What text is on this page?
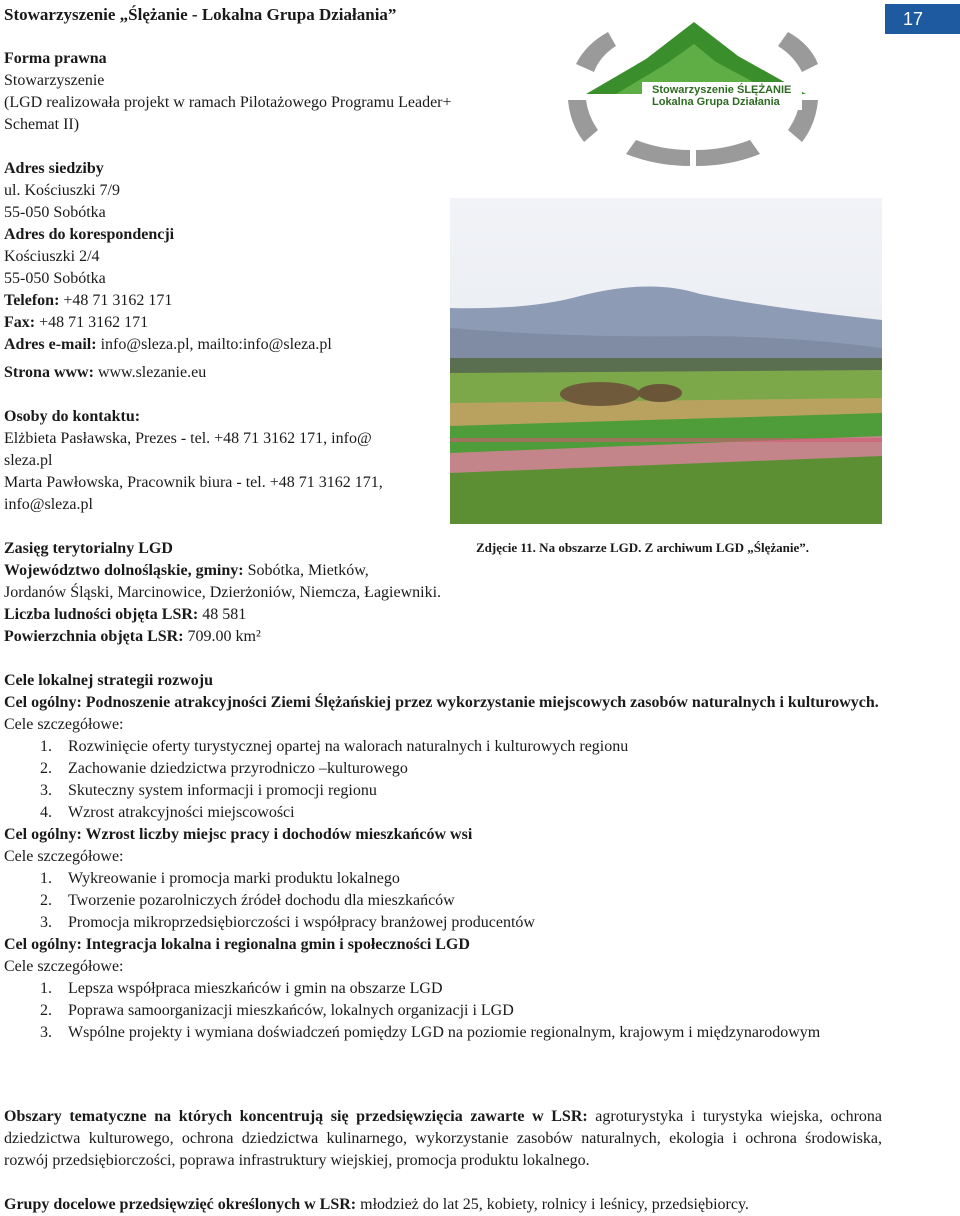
Stowarzyszenie „Ślężanie - Lokalna Grupa Działania”	17
Stowarzyszenie ŚLĘŻANIE
Lokalna Grupa Działania
Zdjęcie 11. Na obszarze LGD. Z archiwum LGD „Ślężanie”.

Forma prawna

Stowarzyszenie

(LGD realizowała projekt w ramach Pilotażowego Programu Leader+

Schemat II)

Adres siedziby

ul. Kościuszki 7/9

55-050 Sobótka

Adres do korespondencji

Kościuszki 2/4

55-050 Sobótka

Telefon: +48 71 3162 171

Fax: +48 71 3162 171

Adres e-mail: info@sleza.pl, mailto:info@sleza.pl

Strona www: www.slezanie.eu

Osoby do kontaktu:

Elżbieta Pasławska, Prezes - tel. +48 71 3162 171, info@

sleza.pl

Marta Pawłowska, Pracownik biura - tel. +48 71 3162 171,

info@sleza.pl

Zasięg terytorialny LGD

Województwo dolnośląskie, gminy: Sobótka, Mietków,

Jordanów Śląski, Marcinowice, Dzierżoniów, Niemcza, Łagiewniki.

Liczba ludności objęta LSR: 48 581

Powierzchnia objęta LSR: 709.00 km²

Cele lokalnej strategii rozwoju

Cel ogólny: Podnoszenie atrakcyjności Ziemi Ślężańskiej przez wykorzystanie miejscowych zasobów naturalnych i kulturowych.

Cele szczegółowe:

1. Rozwinięcie oferty turystycznej opartej na walorach naturalnych i kulturowych regionu
2. Zachowanie dziedzictwa przyrodniczo –kulturowego
3. Skuteczny system informacji i promocji regionu
4. Wzrost atrakcyjności miejscowości

Cel ogólny: Wzrost liczby miejsc pracy i dochodów mieszkańców wsi

Cele szczegółowe:

1. Wykreowanie i promocja marki produktu lokalnego
2. Tworzenie pozarolniczych źródeł dochodu dla mieszkańców
3. Promocja mikroprzedsiębiorczości i współpracy branżowej producentów

Cel ogólny: Integracja lokalna i regionalna gmin i społeczności LGD

Cele szczegółowe:

1. Lepsza współpraca mieszkańców i gmin na obszarze LGD
2. Poprawa samoorganizacji mieszkańców, lokalnych organizacji i LGD
3. Wspólne projekty i wymiana doświadczeń pomiędzy LGD na poziomie regionalnym, krajowym i międzynarodowym
Obszary tematyczne na których koncentrują się przedsięwzięcia zawarte w LSR: agroturystyka i turystyka wiejska, ochrona dziedzictwa kulturowego, ochrona dziedzictwa kulinarnego, wykorzystanie zasobów naturalnych, ekologia i ochrona środowiska, rozwój przedsiębiorczości, poprawa infrastruktury wiejskiej, promocja produktu lokalnego.
Grupy docelowe przedsięwzięć określonych w LSR: młodzież do lat 25, kobiety, rolnicy i leśnicy, przedsiębiorcy.
